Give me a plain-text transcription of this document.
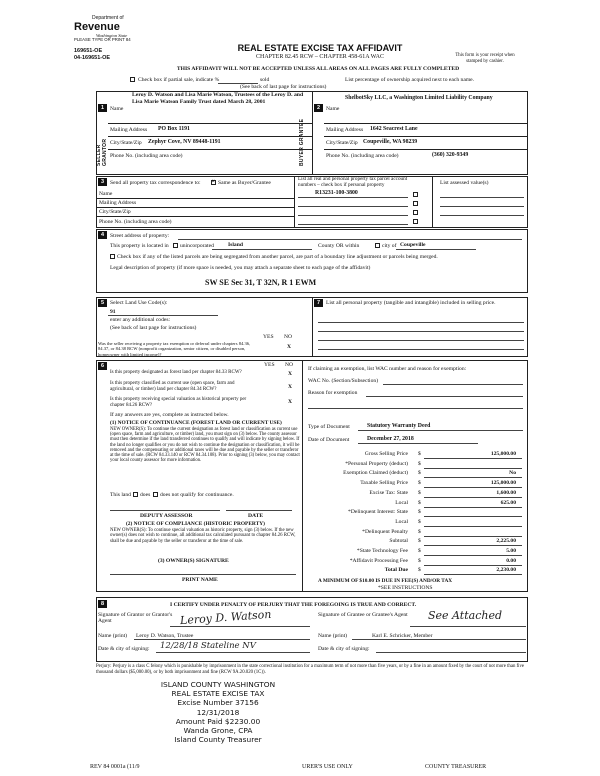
Department of
Revenue
Washington State
PLEASE TYPE OR PRINT 84
169651-OE
04-169651-OE
REAL ESTATE EXCISE TAX AFFIDAVIT
CHAPTER 82.45 RCW – CHAPTER 458-61A WAC	This form is your receipt when stamped by cashier.
THIS AFFIDAVIT WILL NOT BE ACCEPTED UNLESS ALL AREAS ON ALL PAGES ARE FULLY COMPLETED
Check box if partial sale, indicate %	sold	List percentage of ownership acquired next to each name.
(See back of last page for instructions)
SELLER GRANTOR	BUYER GRANTEE
1	Name
Leroy D. Watson and Lisa Marie Watson, Trustees of the Leroy D. and Lisa Marie Watson Family Trust dated March 28, 2001
Mailing Address PO Box 1191
City/State/Zip Zephyr Cove, NV 89448-1191
Phone No. (including area code)
2	Name
ShelbotSky LLC, a Washington Limited Liability Company
Mailing Address 1642 Seacrest Lane
City/State/Zip Coupeville, WA 98239
Phone No. (including area code)	(360) 320-9349
3	Send all property tax correspondence to: × Same as Buyer/Grantee
Name
Mailing Address
City/State/Zip
Phone No. (including area code)
List all real and personal property tax parcel account numbers – check box if personal property	List assessed value(s)
R13231-100-3800
4	Street address of property:
This property is located in unincorporated	Island	County OR within	city of Coupeville
Check box if any of the listed parcels are being segregated from another parcel, are part of a boundary line adjustment or parcels being merged.
Legal description of property (if more space is needed, you may attach a separate sheet to each page of the affidavit)
SW SE Sec 31, T 32N, R 1 EWM
5	Select Land Use Code(s):
91
enter any additional codes:
(See back of last page for instructions)
YES NO
Was the seller receiving a property tax exemption or deferral under chapters 84.36, 84.37, or 84.38 RCW (nonprofit organization, senior citizen, or disabled person, homeowner with limited income)?
X
7	List all personal property (tangible and intangible) included in selling price.
6	YES NO
Is this property designated as forest land per chapter 84.33 RCW?	X
Is this property classified as current use (open space, farm and agricultural, or timber) land per chapter 84.34 RCW?	X
Is this property receiving special valuation as historical property per chapter 84.26 RCW?
X
If any answers are yes, complete as instructed below.
(1) NOTICE OF CONTINUANCE (FOREST LAND OR CURRENT USE)
NEW OWNER(S): To continue the current designation as forest land or classification as current use (open space, farm and agriculture, or timber) land, you must sign on (3) below. The county assessor must then determine if the land transferred continues to qualify and will indicate by signing below. If the land no longer qualifies or you do not wish to continue the designation or classification, it will be removed and the compensating or additional taxes will be due and payable by the seller or transferor at the time of sale. (RCW 84.33.140 or RCW 84.34.108). Prior to signing (3) below, you may contact your local county assessor for more information.
This land does does not qualify for continuance.
DEPUTY ASSESSOR	DATE
(2) NOTICE OF COMPLIANCE (HISTORIC PROPERTY)
NEW OWNER(S): To continue special valuation as historic property, sign (3) below. If the new owner(s) does not wish to continue, all additional tax calculated pursuant to chapter 84.26 RCW, shall be due and payable by the seller or transferor at the time of sale.
(3) OWNER(S) SIGNATURE
PRINT NAME
If claiming an exemption, list WAC number and reason for exemption:
WAC No. (Section/Subsection)
Reason for exemption
Type of Document	Statutory Warranty Deed
Date of Document	December 27, 2018
Gross Selling Price $	125,000.00
*Personal Property (deduct) $
Exemption Claimed (deduct) $	No
Taxable Selling Price $	125,000.00
Excise Tax: State $	1,600.00
Local $	625.00
*Delinquent Interest: State $
Local $
*Delinquent Penalty $
Subtotal $	2,225.00
*State Technology Fee $	5.00
*Affidavit Processing Fee $	0.00
Total Due $	2,230.00
A MINIMUM OF $10.00 IS DUE IN FEE(S) AND/OR TAX
*SEE INSTRUCTIONS
8	I CERTIFY UNDER PENALTY OF PERJURY THAT THE FOREGOING IS TRUE AND CORRECT.
Signature of Grantor or Grantor's Agent	Leroy D. Watson	Signature of Grantee or Grantee's Agent See Attached
Name (print) Leroy D. Watson, Trustee	Name (print)	Karl E. Schricker, Member
Date & city of signing: 12/28/18 Stateline NV	Date & city of signing:
Perjury: Perjury is a class C felony which is punishable by imprisonment in the state correctional institution for a maximum term of not more than five years, or by a fine in an amount fixed by the court of not more than five thousand dollars ($5,000.00), or by both imprisonment and fine (RCW 9A.20.020 (1C)).
ISLAND COUNTY WASHINGTON
REAL ESTATE EXCISE TAX
Excise Number 37156
12/31/2018
Amount Paid $2230.00
Wanda Grone, CPA
Island County Treasurer
REV 84 0001a (11/9	URER'S USE ONLY	COUNTY TREASURER
